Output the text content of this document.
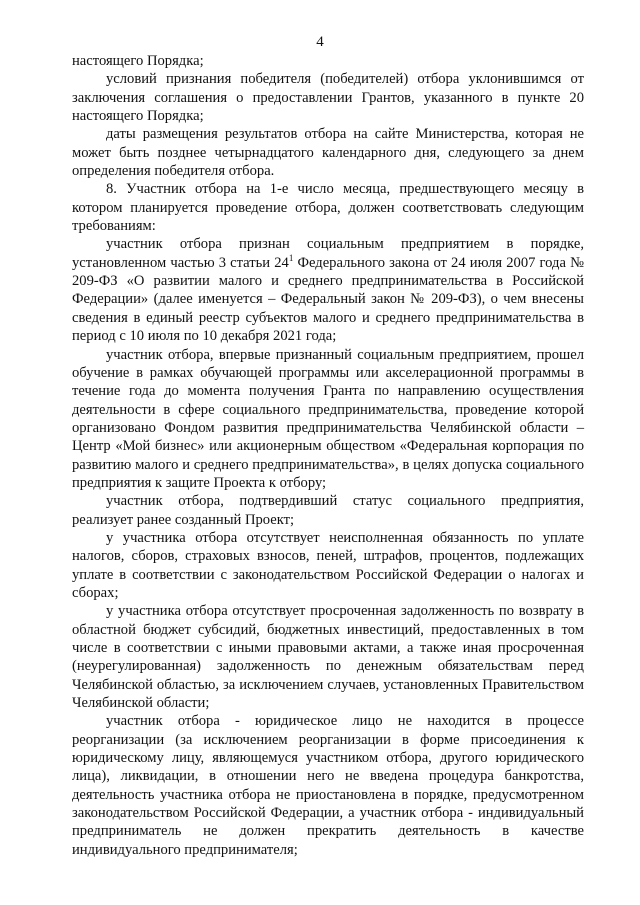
4

настоящего Порядка;

условий признания победителя (победителей) отбора уклонившимся от заключения соглашения о предоставлении Грантов, указанного в пункте 20 настоящего Порядка;

даты размещения результатов отбора на сайте Министерства, которая не может быть позднее четырнадцатого календарного дня, следующего за днем определения победителя отбора.

8. Участник отбора на 1-е число месяца, предшествующего месяцу в котором планируется проведение отбора, должен соответствовать следующим требованиям:

участник отбора признан социальным предприятием в порядке, установленном частью 3 статьи $24^1$ Федерального закона от 24 июля 2007 года № 209-ФЗ «О развитии малого и среднего предпринимательства в Российской Федерации» (далее именуется – Федеральный закон № 209-ФЗ), о чем внесены сведения в единый реестр субъектов малого и среднего предпринимательства в период с 10 июля по 10 декабря 2021 года;

участник отбора, впервые признанный социальным предприятием, прошел обучение в рамках обучающей программы или акселерационной программы в течение года до момента получения Гранта по направлению осуществления деятельности в сфере социального предпринимательства, проведение которой организовано Фондом развития предпринимательства Челябинской области – Центр «Мой бизнес» или акционерным обществом «Федеральная корпорация по развитию малого и среднего предпринимательства», в целях допуска социального предприятия к защите Проекта к отбору;

участник отбора, подтвердивший статус социального предприятия, реализует ранее созданный Проект;

у участника отбора отсутствует неисполненная обязанность по уплате налогов, сборов, страховых взносов, пеней, штрафов, процентов, подлежащих уплате в соответствии с законодательством Российской Федерации о налогах и сборах;

у участника отбора отсутствует просроченная задолженность по возврату в областной бюджет субсидий, бюджетных инвестиций, предоставленных в том числе в соответствии с иными правовыми актами, а также иная просроченная (неурегулированная) задолженность по денежным обязательствам перед Челябинской областью, за исключением случаев, установленных Правительством Челябинской области;

участник отбора - юридическое лицо не находится в процессе реорганизации (за исключением реорганизации в форме присоединения к юридическому лицу, являющемуся участником отбора, другого юридического лица), ликвидации, в отношении него не введена процедура банкротства, деятельность участника отбора не приостановлена в порядке, предусмотренном законодательством Российской Федерации, а участник отбора - индивидуальный предприниматель не должен прекратить деятельность в качестве индивидуального предпринимателя;
